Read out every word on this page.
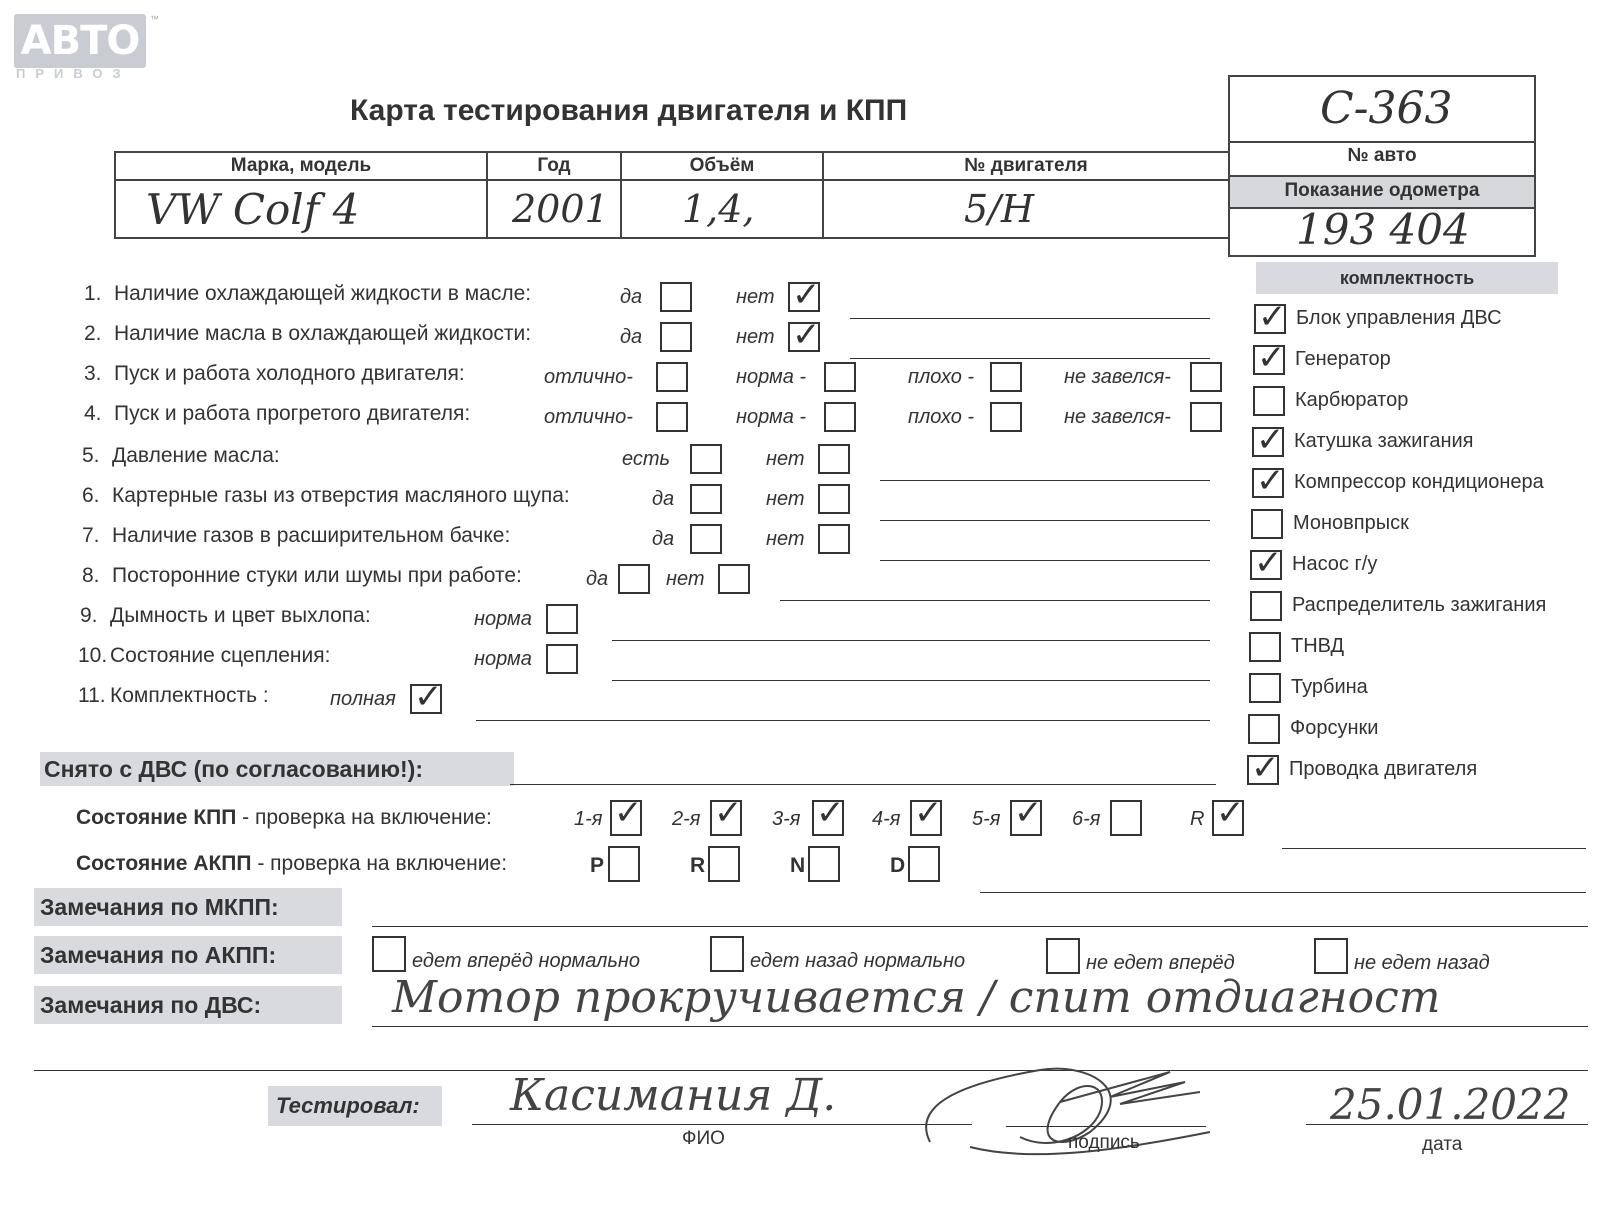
АВТО	™
ПРИВОЗ
Карта тестирования двигателя и КПП
Марка, модель	Год	Объём	№ двигателя
VW Colf 4	2001	1,4,	5/Н
С-363
№ авто
Показание одометра
193 404
1. Наличие охлаждающей жидкости в масле:	да	нет ✓
2. Наличие масла в охлаждающей жидкости:	да	нет ✓
3. Пуск и работа холодного двигателя:	отлично-	норма -	плохо -	не завелся-
4. Пуск и работа прогретого двигателя:	отлично-	норма -	плохо -	не завелся-
5. Давление масла:	есть	нет
6. Картерные газы из отверстия масляного щупа:	да	нет
7. Наличие газов в расширительном бачке:	да	нет
8. Посторонние стуки или шумы при работе:	да	нет
9. Дымность и цвет выхлопа:	норма
10. Состояние сцепления:	норма
11. Комплектность :	полная ✓
комплектность
✓ Блок управления ДВС
✓ Генератор
Карбюратор
✓ Катушка зажигания
✓ Компрессор кондиционера
Моновпрыск
✓ Насос г/у
Распределитель зажигания
ТНВД
Турбина
Форсунки
✓ Проводка двигателя
Снято с ДВС (по согласованию!):
Состояние КПП - проверка на включение:	1-я ✓ 2-я ✓ 3-я ✓ 4-я ✓ 5-я ✓ 6-я	R ✓
Состояние АКПП - проверка на включение:	P	R	N	D
Замечания по МКПП:
Замечания по АКПП:	едет вперёд нормально	едет назад нормально	не едет вперёд	не едет назад
Замечания по ДВС:	Мотор прокручивается / спит отдиагност
Тестировал:	Касимания Д.
ФИО	подпись
25.01.2022
дата
